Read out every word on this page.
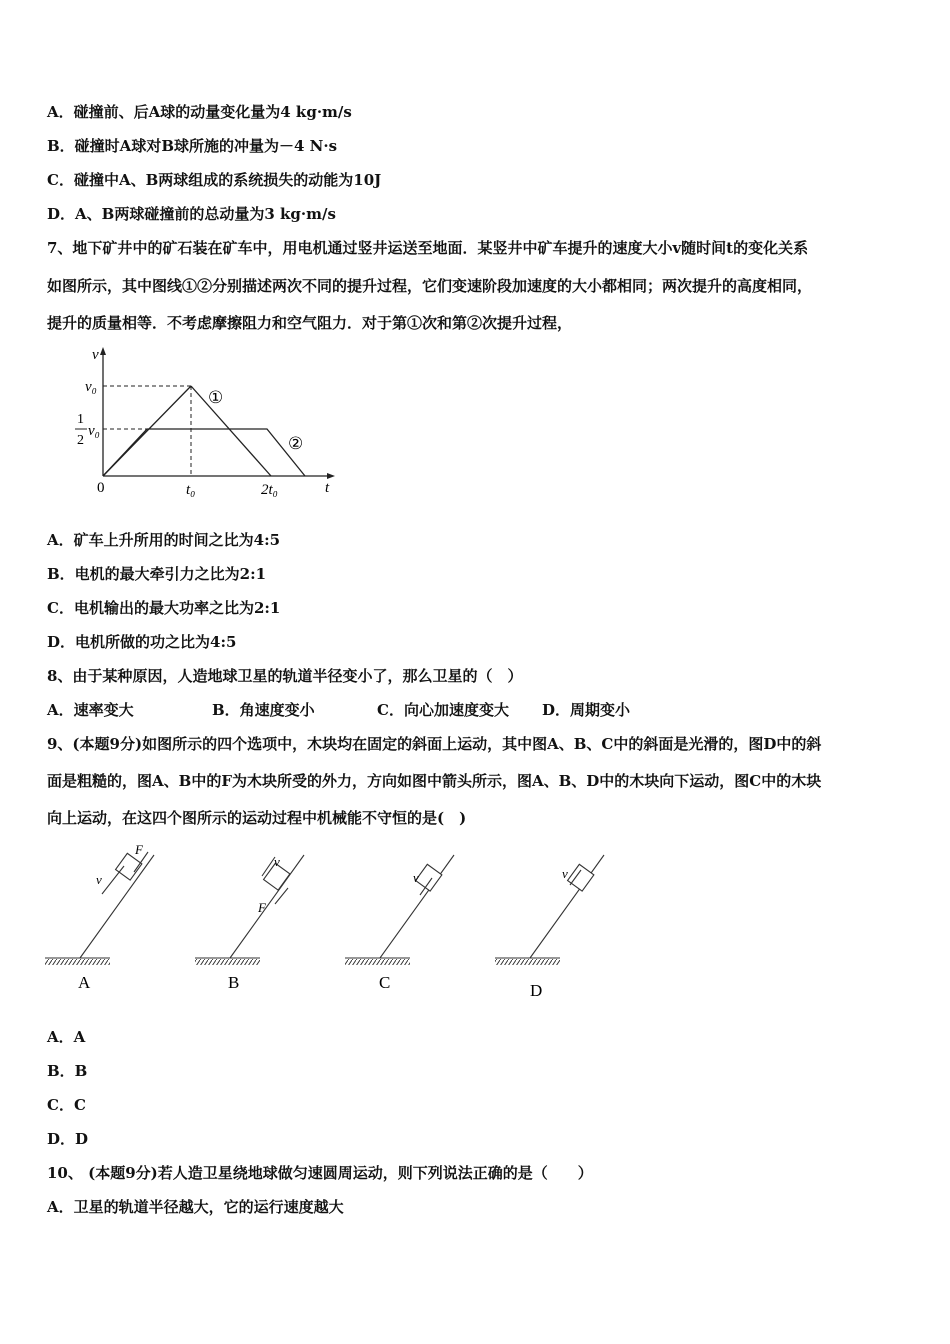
A．碰撞前、后A球的动量变化量为4 kg·m/s
B．碰撞时A球对B球所施的冲量为－4 N·s
C．碰撞中A、B两球组成的系统损失的动能为10J
D．A、B两球碰撞前的总动量为3 kg·m/s
7、地下矿井中的矿石装在矿车中，用电机通过竖井运送至地面．某竖井中矿车提升的速度大小v随时间t的变化关系
如图所示，其中图线①②分别描述两次不同的提升过程，它们变速阶段加速度的大小都相同；两次提升的高度相同，
提升的质量相等．不考虑摩擦阻力和空气阻力．对于第①次和第②次提升过程，
v
t
v₀
1
2
v₀
0	t₀	2t₀
①
②
A．矿车上升所用的时间之比为4:5
B．电机的最大牵引力之比为2:1
C．电机输出的最大功率之比为2:1
D．电机所做的功之比为4:5
8、由于某种原因，人造地球卫星的轨道半径变小了，那么卫星的（　）
A．速率变大	B．角速度变小	C．向心加速度变大 D．周期变小
9、(本题9分)如图所示的四个选项中，木块均在固定的斜面上运动，其中图A、B、C中的斜面是光滑的，图D中的斜
面是粗糙的，图A、B中的F为木块所受的外力，方向如图中箭头所示，图A、B、D中的木块向下运动，图C中的木块
向上运动，在这四个图所示的运动过程中机械能不守恒的是(　)
v
F
A
v
F
B
v
C
v
D
A．A
B．B
C．C
D．D
10、 (本题9分)若人造卫星绕地球做匀速圆周运动，则下列说法正确的是（　　）
A．卫星的轨道半径越大，它的运行速度越大
